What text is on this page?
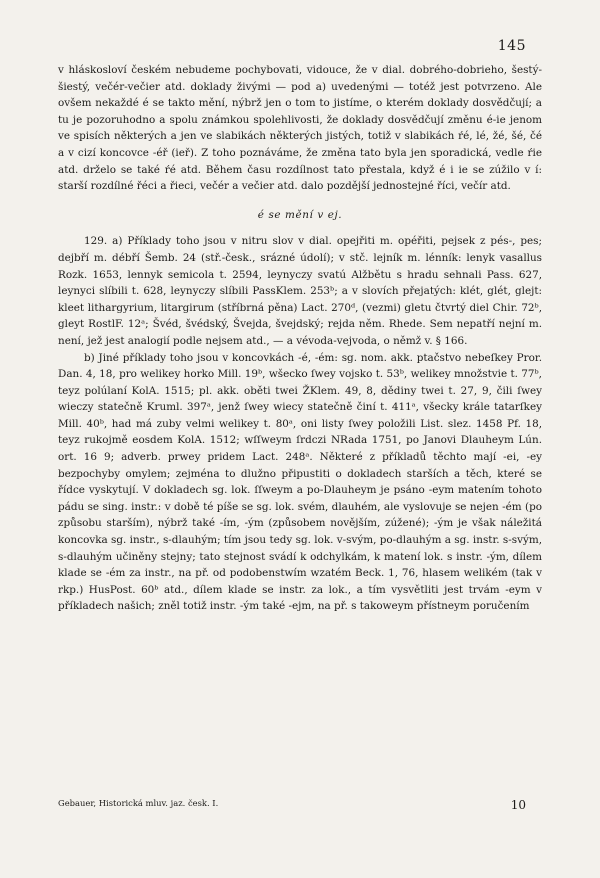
145

v hláskosloví českém nebudeme pochybovati, vidouce, že v dial. dobrého-dobrieho, šestý-šiestý, večér-večier atd. doklady živými — pod a) uvedenými — totéž jest potvrzeno. Ale ovšem nekaždé é se takto mění, nýbrž jen o tom to jistíme, o kterém doklady dosvědčují; a tu je pozoruhodno a spolu známkou spolehlivosti, že doklady dosvědčují změnu é-ie jenom ve spisích některých a jen ve slabikách některých jistých, totiž v slabikách ŕé, lé, žé, šé, čé a v cizí koncovce -éř (ieř). Z toho poznáváme, že změna tato byla jen sporadická, vedle ŕie atd. drželo se také ŕé atd. Během času rozdílnost tato přestala, když é i ie se zúžilo v í: starší rozdílné řéci a řieci, večér a večier atd. dalo pozdější jednostejné říci, večír atd.

é se mění v ej.

129. a) Příklady toho jsou v nitru slov v dial. opejřiti m. opéřiti, pejsek z pés-, pes; dejbří m. débří Šemb. 24 (stř.-česk., srázné údolí); v stč. lejník m. lénník: lenyk vasallus Rozk. 1653, lennyk semicola t. 2594, leynyczy svatú Alžbětu s hradu sehnali Pass. 627, leynyci slíbili t. 628, leynyczy slíbili PassKlem. 253ᵇ; a v slovích přejatých: klét, glét, glejt: kleet lithargyrium, litargirum (stříbrná pěna) Lact. 270ᵈ, (vezmi) gletu čtvrtý diel Chir. 72ᵇ, gleyt RostlF. 12ᵃ; Švéd, švédský, Švejda, švejdský; rejda něm. Rhede. Sem nepatří nejní m. není, jež jest analogií podle nejsem atd., — a vévoda-vejvoda, o němž v. § 166.

b) Jiné příklady toho jsou v koncovkách -é, -ém: sg. nom. akk. ptačstvo nebeſkey Pror. Dan. 4, 18, pro welikey horko Mill. 19ᵇ, wšecko ſwey vojsko t. 53ᵇ, welikey množstvie t. 77ᵇ, teyz polúlaní KolA. 1515; pl. akk. oběti twei ŽKlem. 49, 8, dědiny twei t. 27, 9, čili ſwey wieczy statečně Kruml. 397ᵃ, jenž ſwey wiecy statečně činí t. 411ᵃ, všecky krále tatarſkey Mill. 40ᵇ, had má zuby velmi welikey t. 80ᵃ, oni listy ſwey položili List. slez. 1458 Pf. 18, teyz rukojmě eosdem KolA. 1512; wſſweym ſrdczi NRada 1751, po Janovi Dlauheym Lún. ort. 16 9; adverb. prwey pridem Lact. 248ᵃ. Některé z příkladů těchto mají -ei, -ey bezpochyby omylem; zejména to dlužno připustiti o dokladech starších a těch, které se řídce vyskytují. V dokladech sg. lok. ſſweym a po-Dlauheym je psáno -eym matením tohoto pádu se sing. instr.: v době té píše se sg. lok. svém, dlauhém, ale vyslovuje se nejen -ém (po způsobu starším), nýbrž také -ím, -ým (způsobem novějším, zúžené); -ým je však náležitá koncovka sg. instr., s-dlauhým; tím jsou tedy sg. lok. v-svým, po-dlauhým a sg. instr. s-svým, s-dlauhým učiněny stejny; tato stejnost svádí k odchylkám, k matení lok. s instr. -ým, dílem klade se -ém za instr., na př. od podobenstwím wzatém Beck. 1, 76, hlasem welikém (tak v rkp.) HusPost. 60ᵇ atd., dílem klade se instr. za lok., a tím vysvětliti jest trvám -eym v příkladech našich; zněl totiž instr. -ým také -ejm, na př. s takoweym přístneym poručením

Gebauer, Historická mluv. jaz. česk. I.	10
